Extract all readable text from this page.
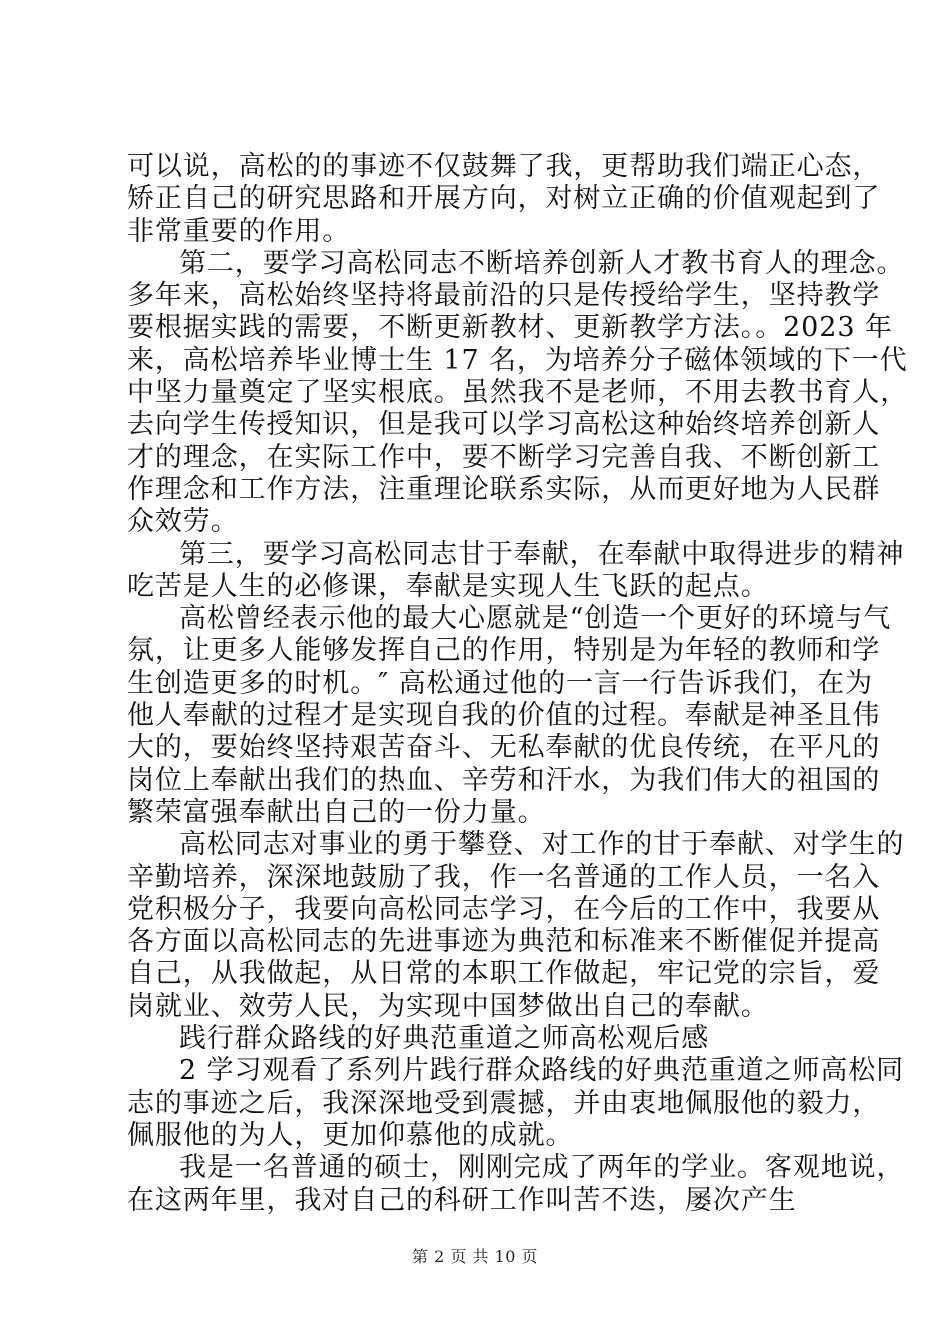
可以说，高松的的事迹不仅鼓舞了我，更帮助我们端正心态，
矫正自己的研究思路和开展方向，对树立正确的价值观起到了
非常重要的作用。
第二，要学习高松同志不断培养创新人才教书育人的理念。
多年来，高松始终坚持将最前沿的只是传授给学生，坚持教学
要根据实践的需要，不断更新教材、更新教学方法。。2023 年
来，高松培养毕业博士生 17 名，为培养分子磁体领域的下一代
中坚力量奠定了坚实根底。虽然我不是老师，不用去教书育人，
去向学生传授知识，但是我可以学习高松这种始终培养创新人
才的理念，在实际工作中，要不断学习完善自我、不断创新工
作理念和工作方法，注重理论联系实际，从而更好地为人民群
众效劳。
第三，要学习高松同志甘于奉献，在奉献中取得进步的精神
吃苦是人生的必修课，奉献是实现人生飞跃的起点。
高松曾经表示他的最大心愿就是“创造一个更好的环境与气
氛，让更多人能够发挥自己的作用，特别是为年轻的教师和学
生创造更多的时机。″ 高松通过他的一言一行告诉我们，在为
他人奉献的过程才是实现自我的价值的过程。奉献是神圣且伟
大的，要始终坚持艰苦奋斗、无私奉献的优良传统，在平凡的
岗位上奉献出我们的热血、辛劳和汗水，为我们伟大的祖国的
繁荣富强奉献出自己的一份力量。
高松同志对事业的勇于攀登、对工作的甘于奉献、对学生的
辛勤培养，深深地鼓励了我，作一名普通的工作人员，一名入
党积极分子，我要向高松同志学习，在今后的工作中，我要从
各方面以高松同志的先进事迹为典范和标准来不断催促并提高
自己，从我做起，从日常的本职工作做起，牢记党的宗旨，爱
岗就业、效劳人民，为实现中国梦做出自己的奉献。
践行群众路线的好典范重道之师高松观后感
2 学习观看了系列片践行群众路线的好典范重道之师高松同
志的事迹之后，我深深地受到震撼，并由衷地佩服他的毅力，
佩服他的为人，更加仰慕他的成就。
我是一名普通的硕士，刚刚完成了两年的学业。客观地说，
在这两年里，我对自己的科研工作叫苦不迭，屡次产生
第 2 页 共 10 页
